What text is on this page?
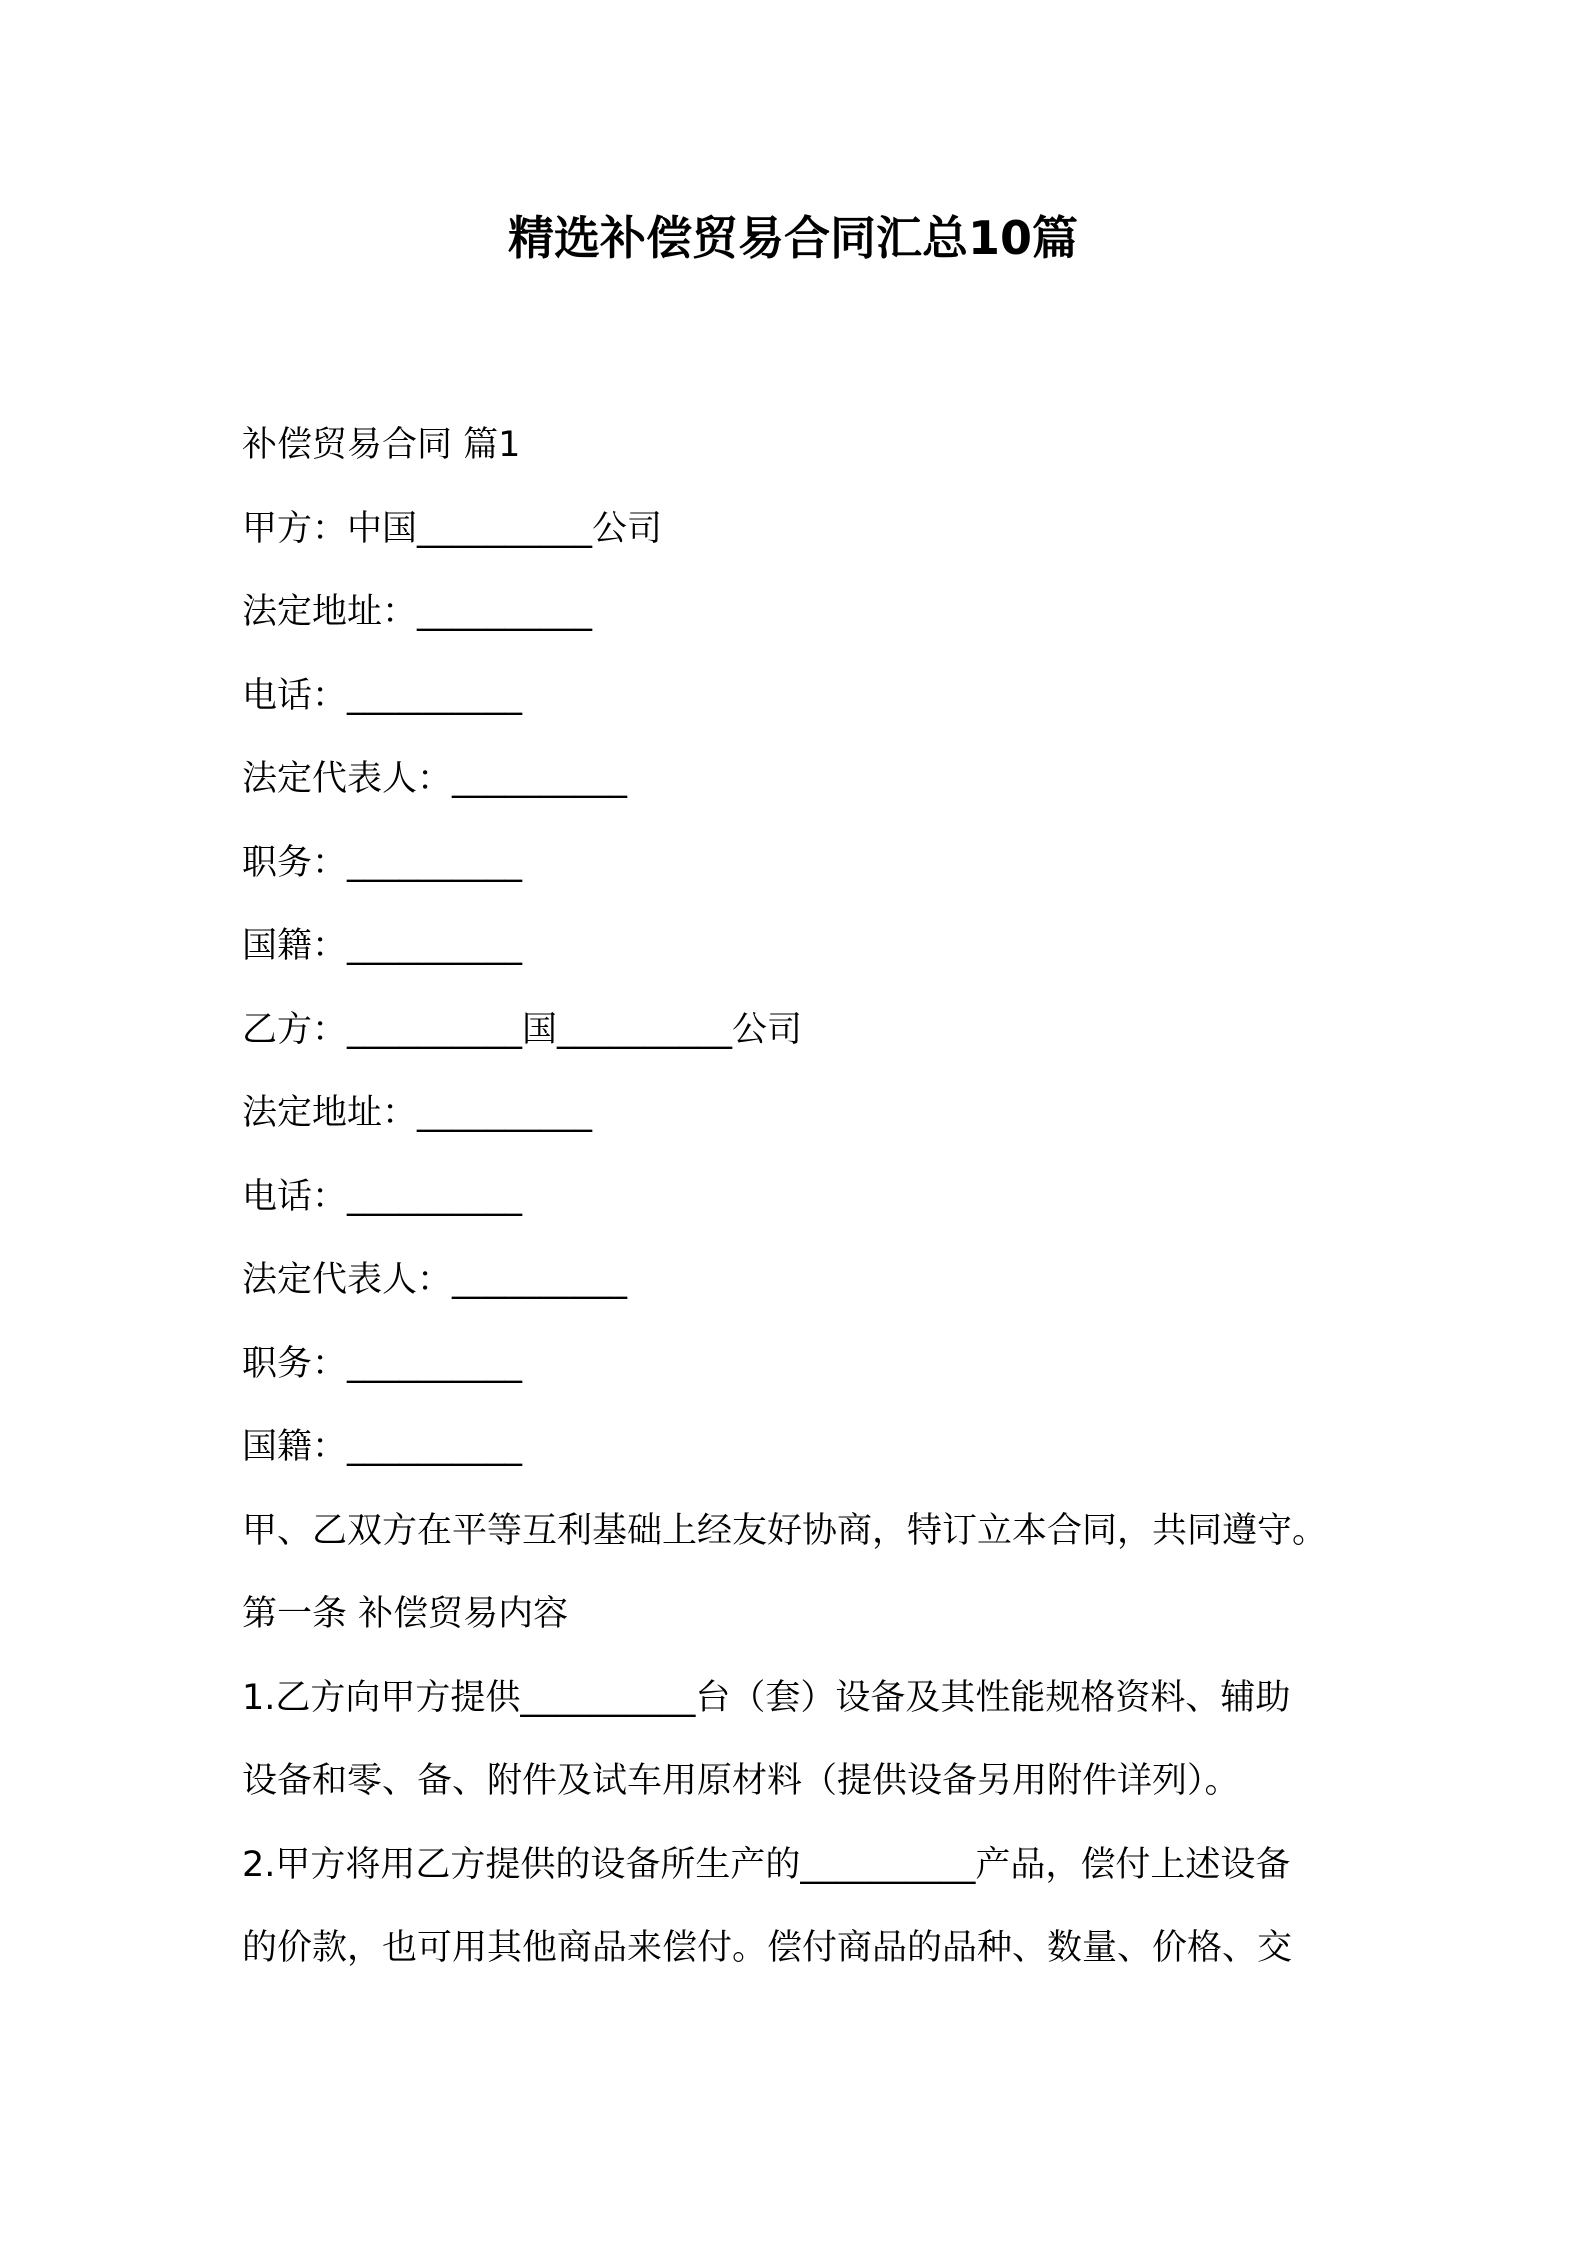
精选补偿贸易合同汇总10篇
补偿贸易合同 篇1
甲方：中国__________公司
法定地址：__________
电话：__________
法定代表人：__________
职务：__________
国籍：__________
乙方：__________国__________公司
法定地址：__________
电话：__________
法定代表人：__________
职务：__________
国籍：__________
甲、乙双方在平等互利基础上经友好协商，特订立本合同，共同遵守。
第一条 补偿贸易内容
1.乙方向甲方提供__________台（套）设备及其性能规格资料、辅助
设备和零、备、附件及试车用原材料（提供设备另用附件详列）。
2.甲方将用乙方提供的设备所生产的__________产品，偿付上述设备
的价款，也可用其他商品来偿付。偿付商品的品种、数量、价格、交
